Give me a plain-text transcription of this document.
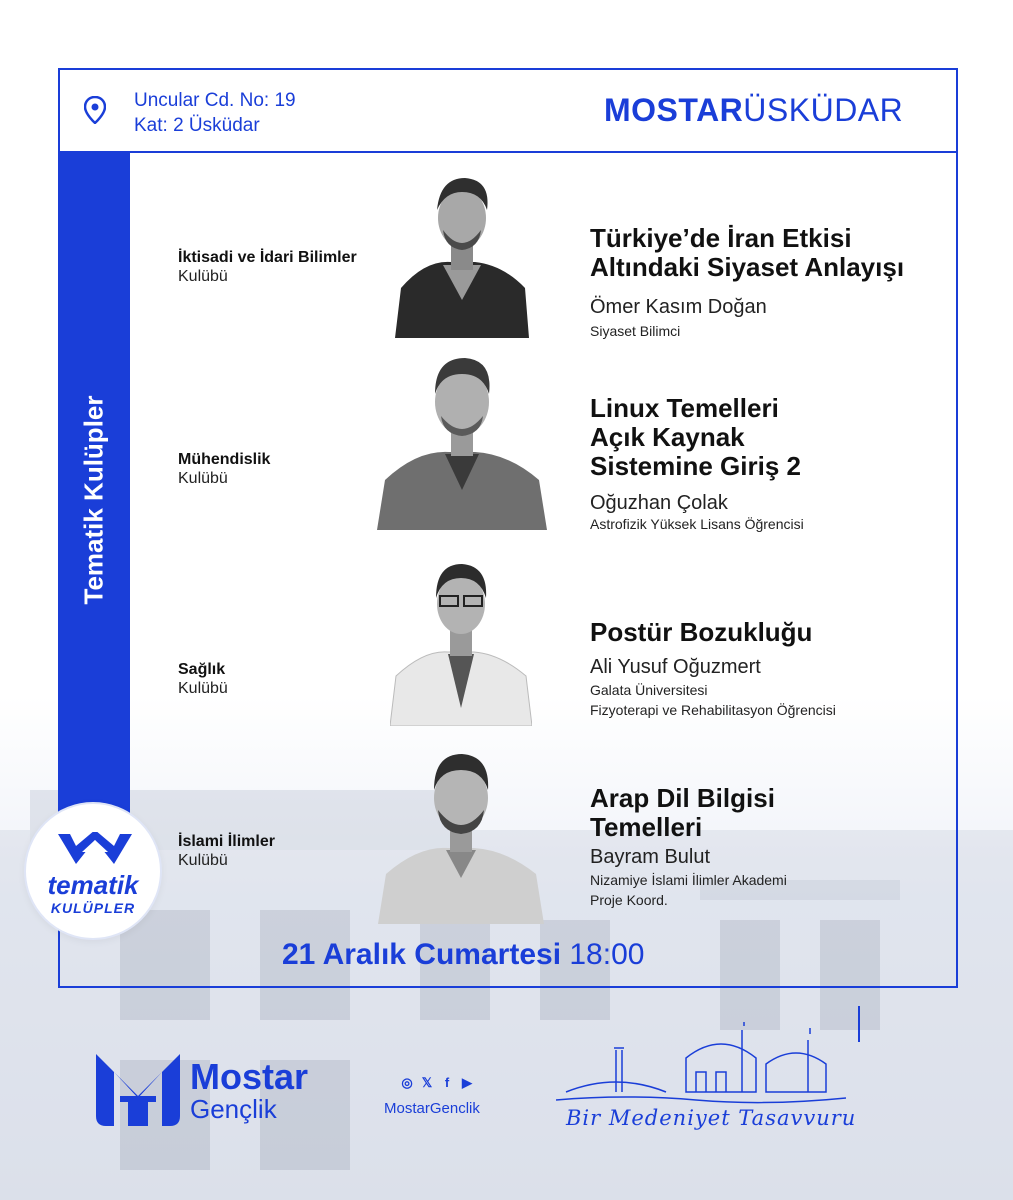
Uncular Cd. No: 19
Kat: 2 Üsküdar	MOSTARÜSKÜDAR
Tematik Kulüpler
İktisadi ve İdari Bilimler
Kulübü
Türkiye’de İran Etkisi
Altındaki Siyaset Anlayışı
Ömer Kasım Doğan
Siyaset Bilimci
Mühendislik
Kulübü
Linux Temelleri
Açık Kaynak
Sistemine Giriş 2
Oğuzhan Çolak
Astrofizik Yüksek Lisans Öğrencisi
Sağlık
Kulübü
Postür Bozukluğu
Ali Yusuf Oğuzmert
Galata Üniversitesi
Fizyoterapi ve Rehabilitasyon Öğrencisi
İslami İlimler
Kulübü
Arap Dil Bilgisi
Temelleri
Bayram Bulut
Nizamiye İslami İlimler Akademi
Proje Koord.
tematik
KULÜPLER
21 Aralık Cumartesi 18:00
Mostar
Gençlik
◎ 𝕏 f ▶
MostarGenclik	Bir Medeniyet Tasavvuru
